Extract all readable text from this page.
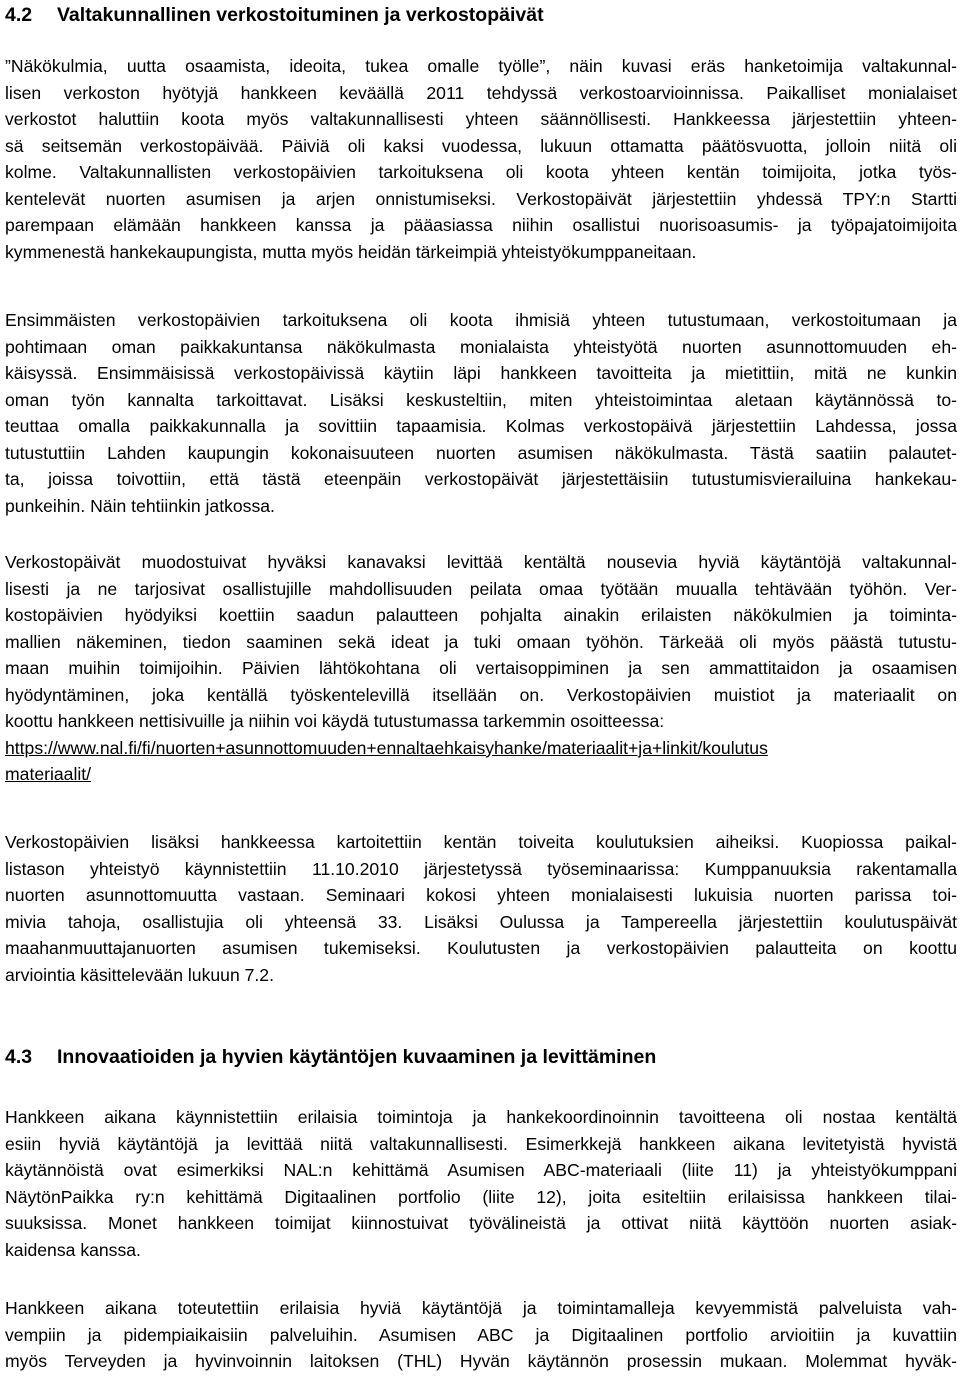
4.2 Valtakunnallinen verkostoituminen ja verkostopäivät
”Näkökulmia, uutta osaamista, ideoita, tukea omalle työlle”, näin kuvasi eräs hanketoimija valtakunnal-
lisen verkoston hyötyjä hankkeen keväällä 2011 tehdyssä verkostoarvioinnissa. Paikalliset monialaiset
verkostot haluttiin koota myös valtakunnallisesti yhteen säännöllisesti. Hankkeessa järjestettiin yhteen-
sä seitsemän verkostopäivää. Päiviä oli kaksi vuodessa, lukuun ottamatta päätösvuotta, jolloin niitä oli
kolme. Valtakunnallisten verkostopäivien tarkoituksena oli koota yhteen kentän toimijoita, jotka työs-
kentelevät nuorten asumisen ja arjen onnistumiseksi. Verkostopäivät järjestettiin yhdessä TPY:n Startti
parempaan elämään hankkeen kanssa ja pääasiassa niihin osallistui nuorisoasumis- ja työpajatoimijoita
kymmenestä hankekaupungista, mutta myös heidän tärkeimpiä yhteistyökumppaneitaan.
Ensimmäisten verkostopäivien tarkoituksena oli koota ihmisiä yhteen tutustumaan, verkostoitumaan ja
pohtimaan oman paikkakuntansa näkökulmasta monialaista yhteistyötä nuorten asunnottomuuden eh-
käisyssä. Ensimmäisissä verkostopäivissä käytiin läpi hankkeen tavoitteita ja mietittiin, mitä ne kunkin
oman työn kannalta tarkoittavat. Lisäksi keskusteltiin, miten yhteistoimintaa aletaan käytännössä to-
teuttaa omalla paikkakunnalla ja sovittiin tapaamisia. Kolmas verkostopäivä järjestettiin Lahdessa, jossa
tutustuttiin Lahden kaupungin kokonaisuuteen nuorten asumisen näkökulmasta. Tästä saatiin palautet-
ta, joissa toivottiin, että tästä eteenpäin verkostopäivät järjestettäisiin tutustumisvierailuina hankekau-
punkeihin. Näin tehtiinkin jatkossa.
Verkostopäivät muodostuivat hyväksi kanavaksi levittää kentältä nousevia hyviä käytäntöjä valtakunnal-
lisesti ja ne tarjosivat osallistujille mahdollisuuden peilata omaa työtään muualla tehtävään työhön. Ver-
kostopäivien hyödyiksi koettiin saadun palautteen pohjalta ainakin erilaisten näkökulmien ja toiminta-
mallien näkeminen, tiedon saaminen sekä ideat ja tuki omaan työhön. Tärkeää oli myös päästä tutustu-
maan muihin toimijoihin. Päivien lähtökohtana oli vertaisoppiminen ja sen ammattitaidon ja osaamisen
hyödyntäminen, joka kentällä työskentelevillä itsellään on. Verkostopäivien muistiot ja materiaalit on
koottu hankkeen nettisivuille ja niihin voi käydä tutustumassa tarkemmin osoitteessa:
https://www.nal.fi/fi/nuorten+asunnottomuuden+ennaltaehkaisyhanke/materiaalit+ja+linkit/koulutus
materiaalit/
Verkostopäivien lisäksi hankkeessa kartoitettiin kentän toiveita koulutuksien aiheiksi. Kuopiossa paikal-
listason yhteistyö käynnistettiin 11.10.2010 järjestetyssä työseminaarissa: Kumppanuuksia rakentamalla
nuorten asunnottomuutta vastaan. Seminaari kokosi yhteen monialaisesti lukuisia nuorten parissa toi-
mivia tahoja, osallistujia oli yhteensä 33. Lisäksi Oulussa ja Tampereella järjestettiin koulutuspäivät
maahanmuuttajanuorten asumisen tukemiseksi. Koulutusten ja verkostopäivien palautteita on koottu
arviointia käsittelevään lukuun 7.2.
4.3 Innovaatioiden ja hyvien käytäntöjen kuvaaminen ja levittäminen
Hankkeen aikana käynnistettiin erilaisia toimintoja ja hankekoordinoinnin tavoitteena oli nostaa kentältä
esiin hyviä käytäntöjä ja levittää niitä valtakunnallisesti. Esimerkkejä hankkeen aikana levitetyistä hyvistä
käytännöistä ovat esimerkiksi NAL:n kehittämä Asumisen ABC-materiaali (liite 11) ja yhteistyökumppani
NäytönPaikka ry:n kehittämä Digitaalinen portfolio (liite 12), joita esiteltiin erilaisissa hankkeen tilai-
suuksissa. Monet hankkeen toimijat kiinnostuivat työvälineistä ja ottivat niitä käyttöön nuorten asiak-
kaidensa kanssa.
Hankkeen aikana toteutettiin erilaisia hyviä käytäntöjä ja toimintamalleja kevyemmistä palveluista vah-
vempiin ja pidempiaikaisiin palveluihin. Asumisen ABC ja Digitaalinen portfolio arvioitiin ja kuvattiin
myös Terveyden ja hyvinvoinnin laitoksen (THL) Hyvän käytännön prosessin mukaan. Molemmat hyväk-
